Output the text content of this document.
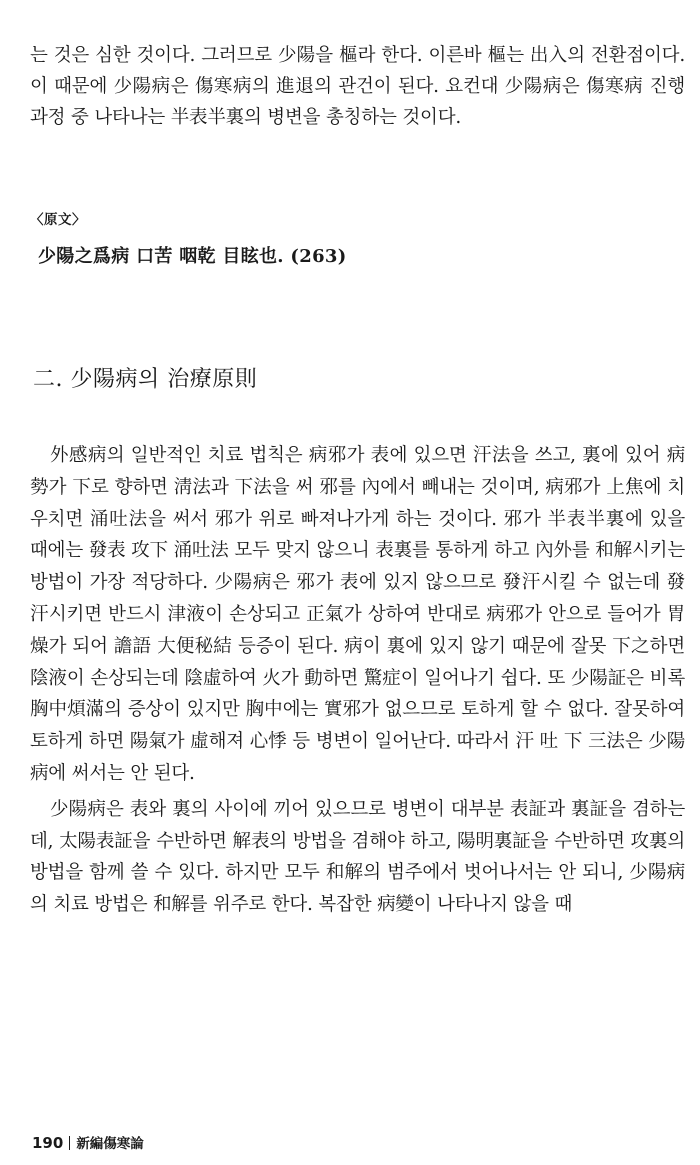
는 것은 심한 것이다. 그러므로 少陽을 樞라 한다. 이른바 樞는 出入의 전환점이다. 이 때문에 少陽病은 傷寒病의 進退의 관건이 된다. 요컨대 少陽病은 傷寒病 진행 과정 중 나타나는 半表半裏의 병변을 총칭하는 것이다.

〈原文〉
少陽之爲病 口苦 咽乾 目眩也. (263)
二. 少陽病의 治療原則

外感病의 일반적인 치료 법칙은 病邪가 表에 있으면 汗法을 쓰고, 裏에 있어 病勢가 下로 향하면 淸法과 下法을 써 邪를 內에서 빼내는 것이며, 病邪가 上焦에 치우치면 涌吐法을 써서 邪가 위로 빠져나가게 하는 것이다. 邪가 半表半裏에 있을 때에는 發表 攻下 涌吐法 모두 맞지 않으니 表裏를 통하게 하고 內外를 和解시키는 방법이 가장 적당하다. 少陽病은 邪가 表에 있지 않으므로 發汗시킬 수 없는데 發汗시키면 반드시 津液이 손상되고 正氣가 상하여 반대로 病邪가 안으로 들어가 胃燥가 되어 譫語 大便秘結 등증이 된다. 病이 裏에 있지 않기 때문에 잘못 下之하면 陰液이 손상되는데 陰虛하여 火가 動하면 驚症이 일어나기 쉽다. 또 少陽証은 비록 胸中煩滿의 증상이 있지만 胸中에는 實邪가 없으므로 토하게 할 수 없다. 잘못하여 토하게 하면 陽氣가 虛해져 心悸 등 병변이 일어난다. 따라서 汗 吐 下 三法은 少陽病에 써서는 안 된다.

少陽病은 表와 裏의 사이에 끼어 있으므로 병변이 대부분 表証과 裏証을 겸하는데, 太陽表証을 수반하면 解表의 방법을 겸해야 하고, 陽明裏証을 수반하면 攻裏의 방법을 함께 쓸 수 있다. 하지만 모두 和解의 범주에서 벗어나서는 안 되니, 少陽病의 치료 방법은 和解를 위주로 한다. 복잡한 病變이 나타나지 않을 때

190 新編傷寒論
